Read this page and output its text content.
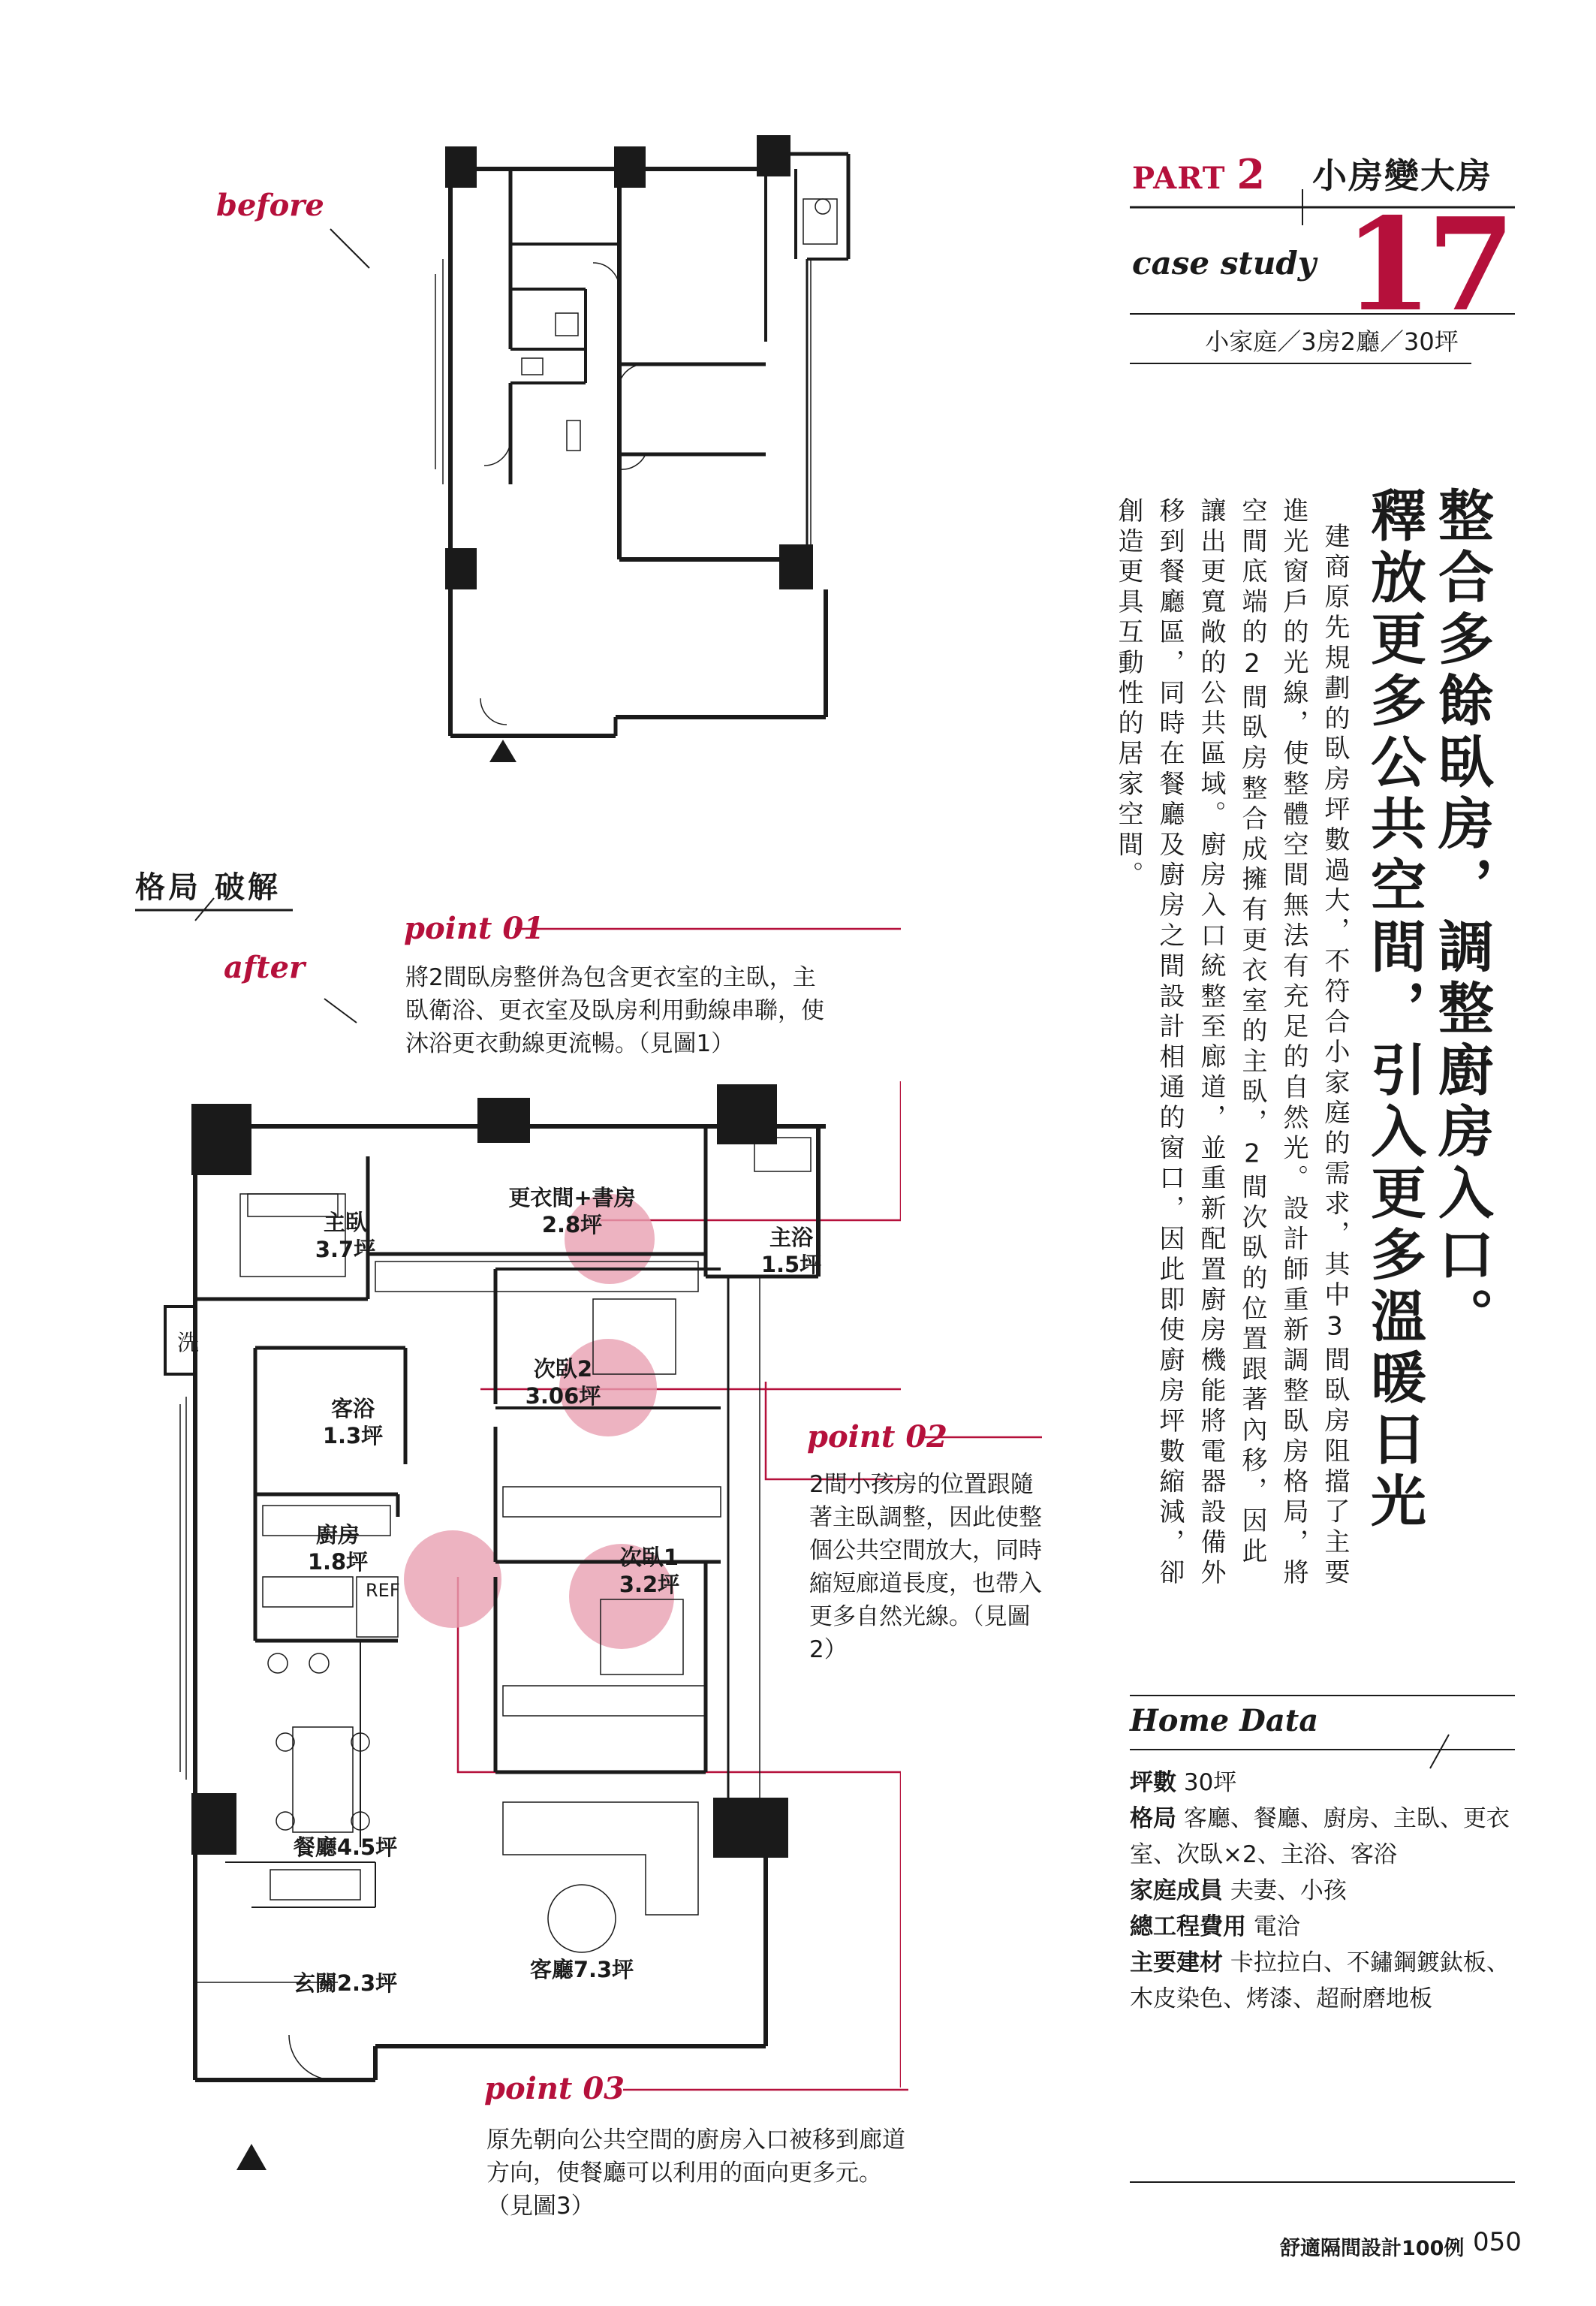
PART 2 小房變大房
case study 17
小家庭／3房2廳／30坪
整合多餘臥房，調整廚房入口。
釋放更多公共空間，引入更多溫暖日光
建商原先規劃的臥房坪數過大，不符合小家庭的需求，其中3間臥房阻擋了主要進光窗戶的光線，使整體空間無法有充足的自然光。設計師重新調整臥房格局，將空間底端的2間臥房整合成擁有更衣室的主臥，2間次臥的位置跟著內移，因此讓出更寬敞的公共區域。廚房入口統整至廊道，並重新配置廚房機能將電器設備外移到餐廳區，同時在餐廳及廚房之間設計相通的窗口，因此即使廚房坪數縮減，卻創造更具互動性的居家空間。
before
格局 破解
after
洗
REF
主臥
3.7坪
更衣間+書房
2.8坪	主浴
1.5坪
次臥2
3.06坪
客浴
1.3坪
廚房
1.8坪	次臥1
3.2坪
餐廳4.5坪
玄關2.3坪
客廳7.3坪
point 01
將2間臥房整併為包含更衣室的主臥，主臥衛浴、更衣室及臥房利用動線串聯，使沐浴更衣動線更流暢。（見圖1）
point 02
2間小孩房的位置跟隨著主臥調整，因此使整個公共空間放大，同時縮短廊道長度，也帶入更多自然光線。（見圖2）
point 03
原先朝向公共空間的廚房入口被移到廊道方向，使餐廳可以利用的面向更多元。（見圖3）
Home Data
坪數 30坪
格局 客廳、餐廳、廚房、主臥、更衣室、次臥×2、主浴、客浴
家庭成員 夫妻、小孩
總工程費用 電洽
主要建材 卡拉拉白、不鏽鋼鍍鈦板、木皮染色、烤漆、超耐磨地板
舒適隔間設計100例 050
